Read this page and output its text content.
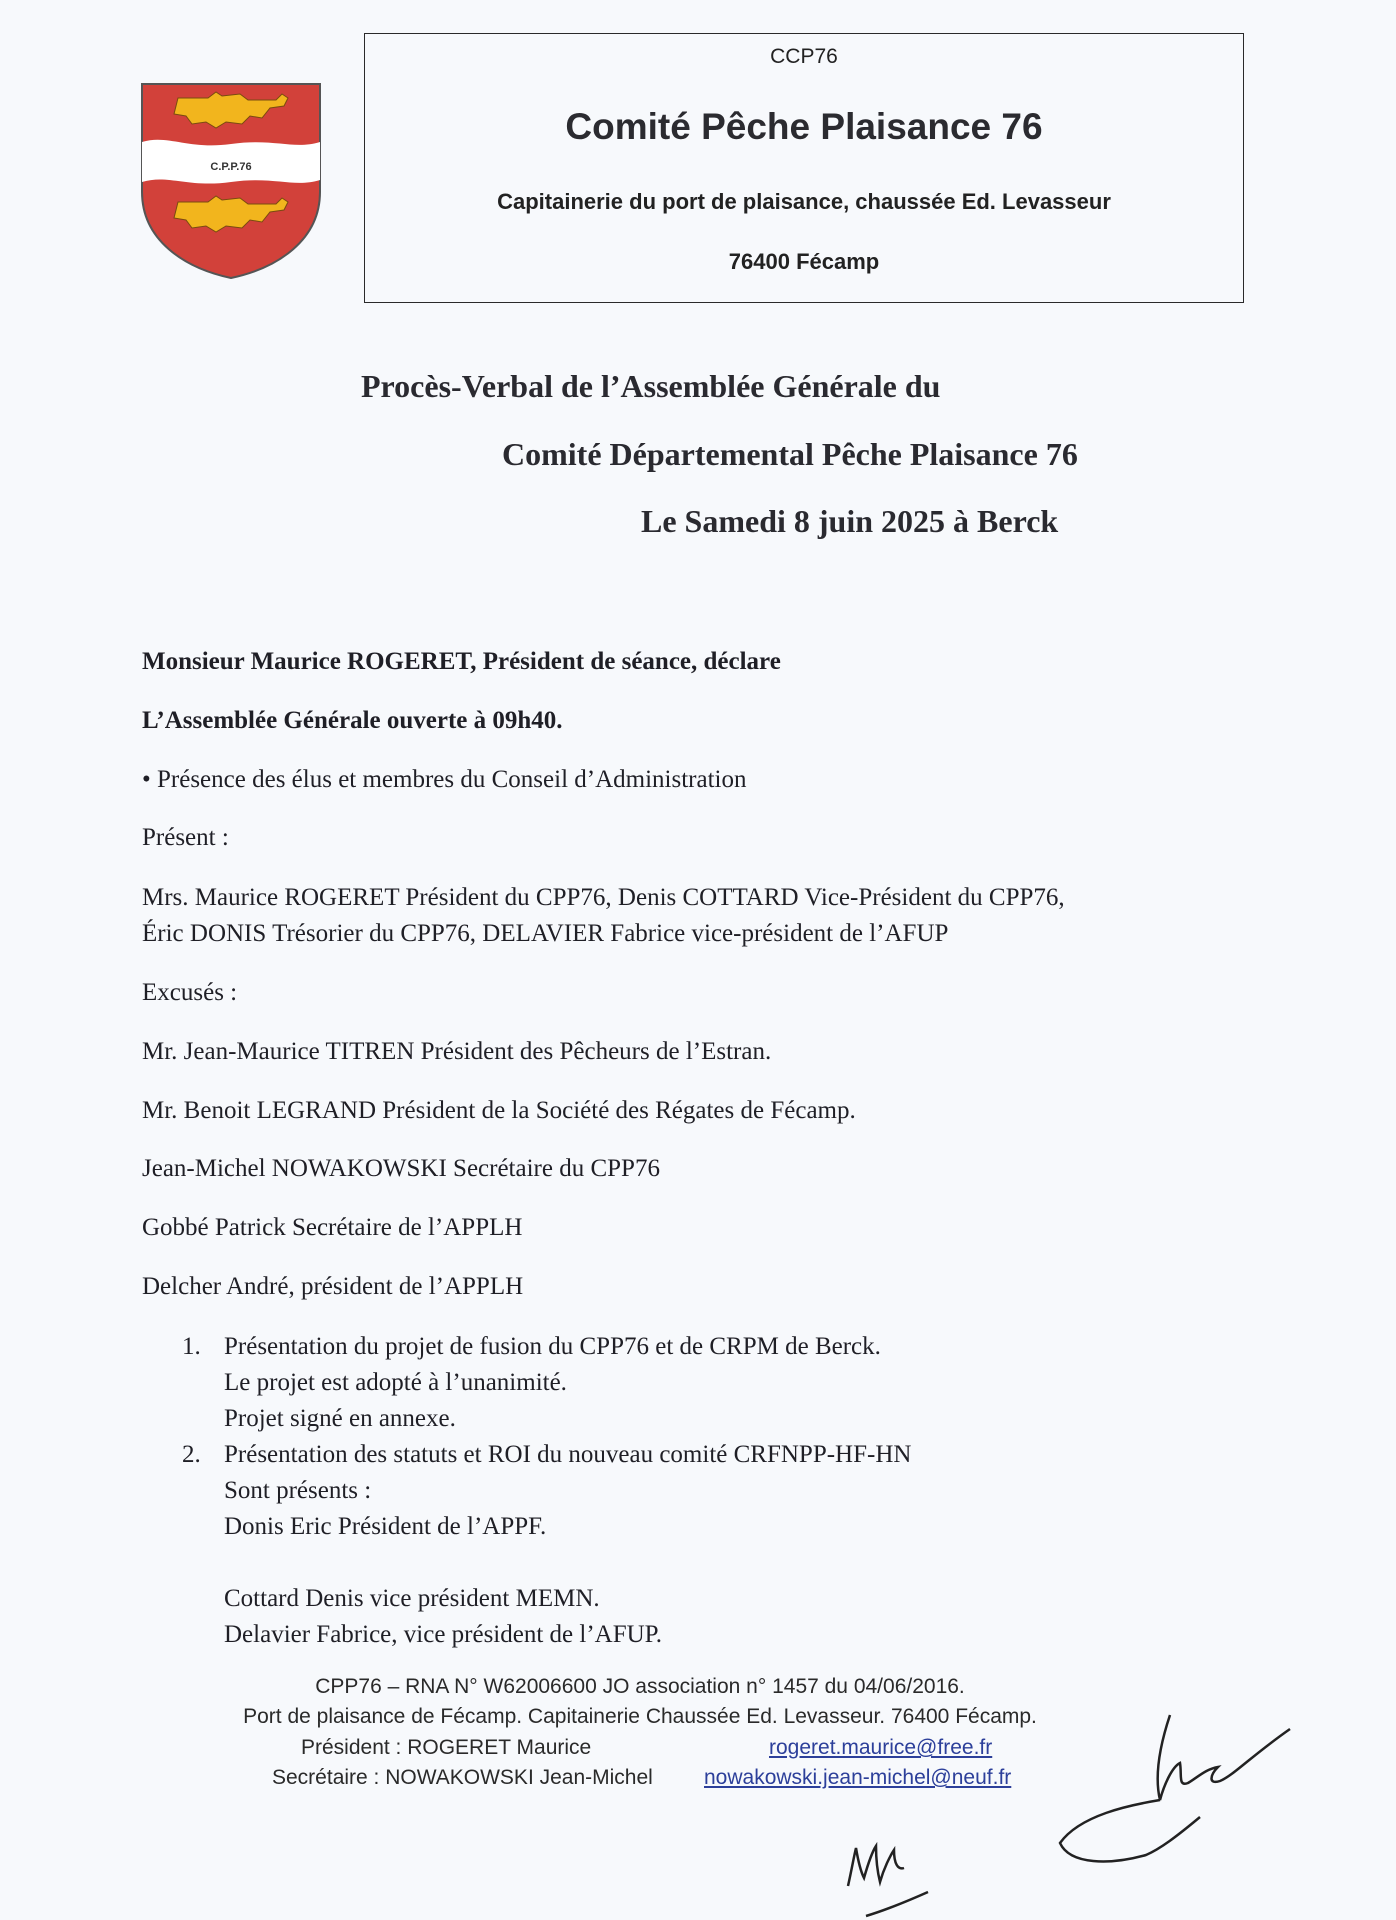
C.P.P.76
CCP76
Comité Pêche Plaisance 76
Capitainerie du port de plaisance, chaussée Ed. Levasseur
76400 Fécamp
Procès-Verbal de l’Assemblée Générale du
Comité Départemental Pêche Plaisance 76
Le Samedi 8 juin 2025 à Berck
Monsieur Maurice ROGERET, Président de séance, déclare
L’Assemblée Générale ouverte à 09h40.
• Présence des élus et membres du Conseil d’Administration
Présent :
Mrs. Maurice ROGERET Président du CPP76, Denis COTTARD Vice-Président du CPP76,
Éric DONIS Trésorier du CPP76, DELAVIER Fabrice vice-président de l’AFUP
Excusés :
Mr. Jean-Maurice TITREN Président des Pêcheurs de l’Estran.
Mr. Benoit LEGRAND Président de la Société des Régates de Fécamp.
Jean-Michel NOWAKOWSKI Secrétaire du CPP76
Gobbé Patrick Secrétaire de l’APPLH
Delcher André, président de l’APPLH
1. Présentation du projet de fusion du CPP76 et de CRPM de Berck.
Le projet est adopté à l’unanimité.
Projet signé en annexe.
2. Présentation des statuts et ROI du nouveau comité CRFNPP-HF-HN
Sont présents :
Donis Eric Président de l’APPF.
Cottard Denis vice président MEMN.
Delavier Fabrice, vice président de l’AFUP.
CPP76 – RNA N° W62006600 JO association n° 1457 du 04/06/2016.
Port de plaisance de Fécamp. Capitainerie Chaussée Ed. Levasseur. 76400 Fécamp.
Président : ROGERET Maurice	rogeret.maurice@free.fr
Secrétaire : NOWAKOWSKI Jean-Michel nowakowski.jean-michel@neuf.fr
